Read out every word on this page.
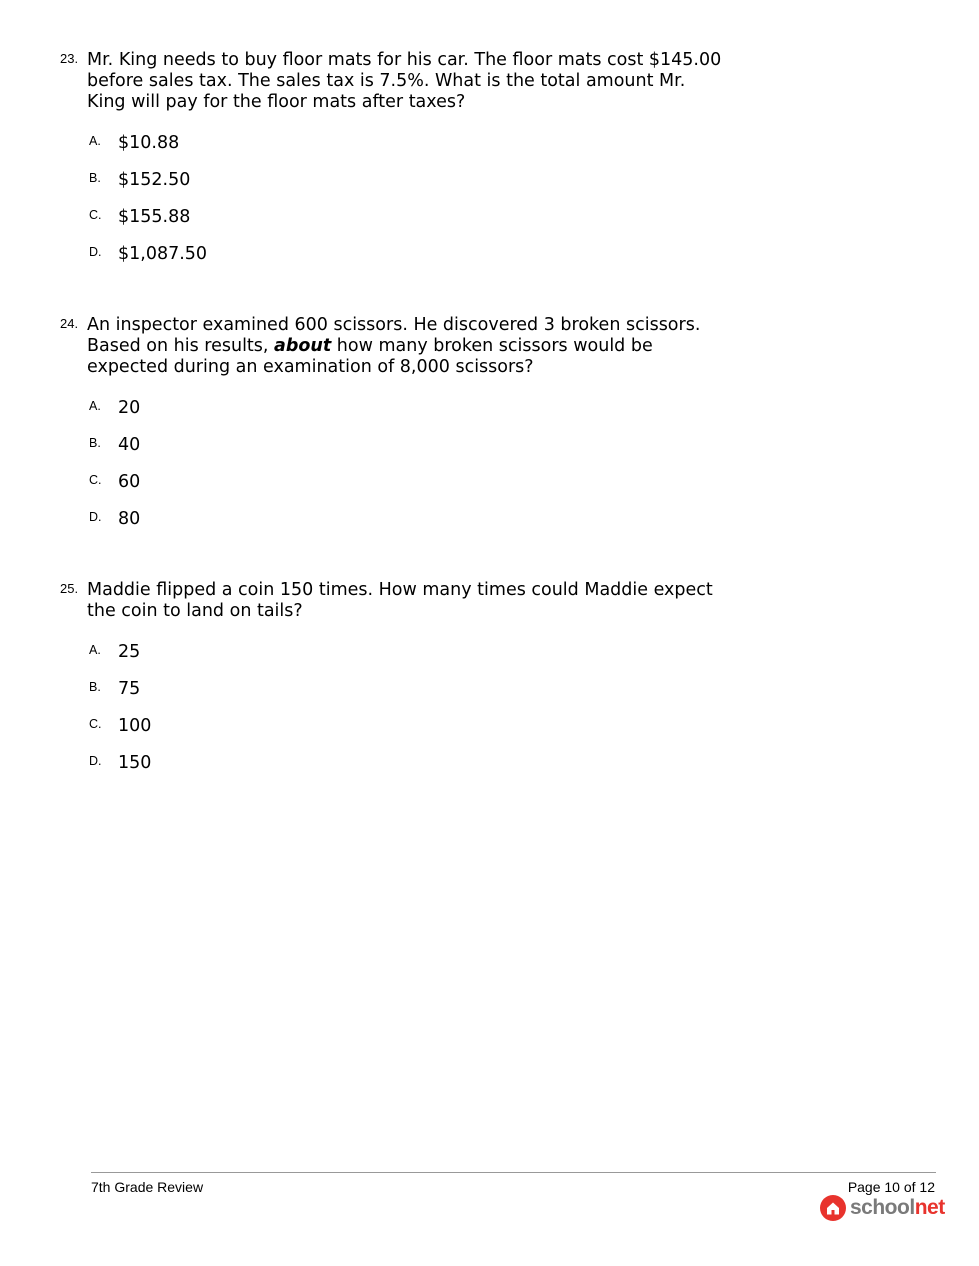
23. Mr. King needs to buy floor mats for his car. The floor mats cost $145.00
before sales tax. The sales tax is 7.5%. What is the total amount Mr.
King will pay for the floor mats after taxes?
A. $10.88
B. $152.50
C. $155.88
D. $1,087.50
24. An inspector examined 600 scissors. He discovered 3 broken scissors.
Based on his results, about how many broken scissors would be
expected during an examination of 8,000 scissors?
A. 20
B. 40
C. 60
D. 80
25. Maddie flipped a coin 150 times. How many times could Maddie expect
the coin to land on tails?
A. 25
B. 75
C. 100
D. 150
7th Grade Review	Page 10 of 12
schoolnet
